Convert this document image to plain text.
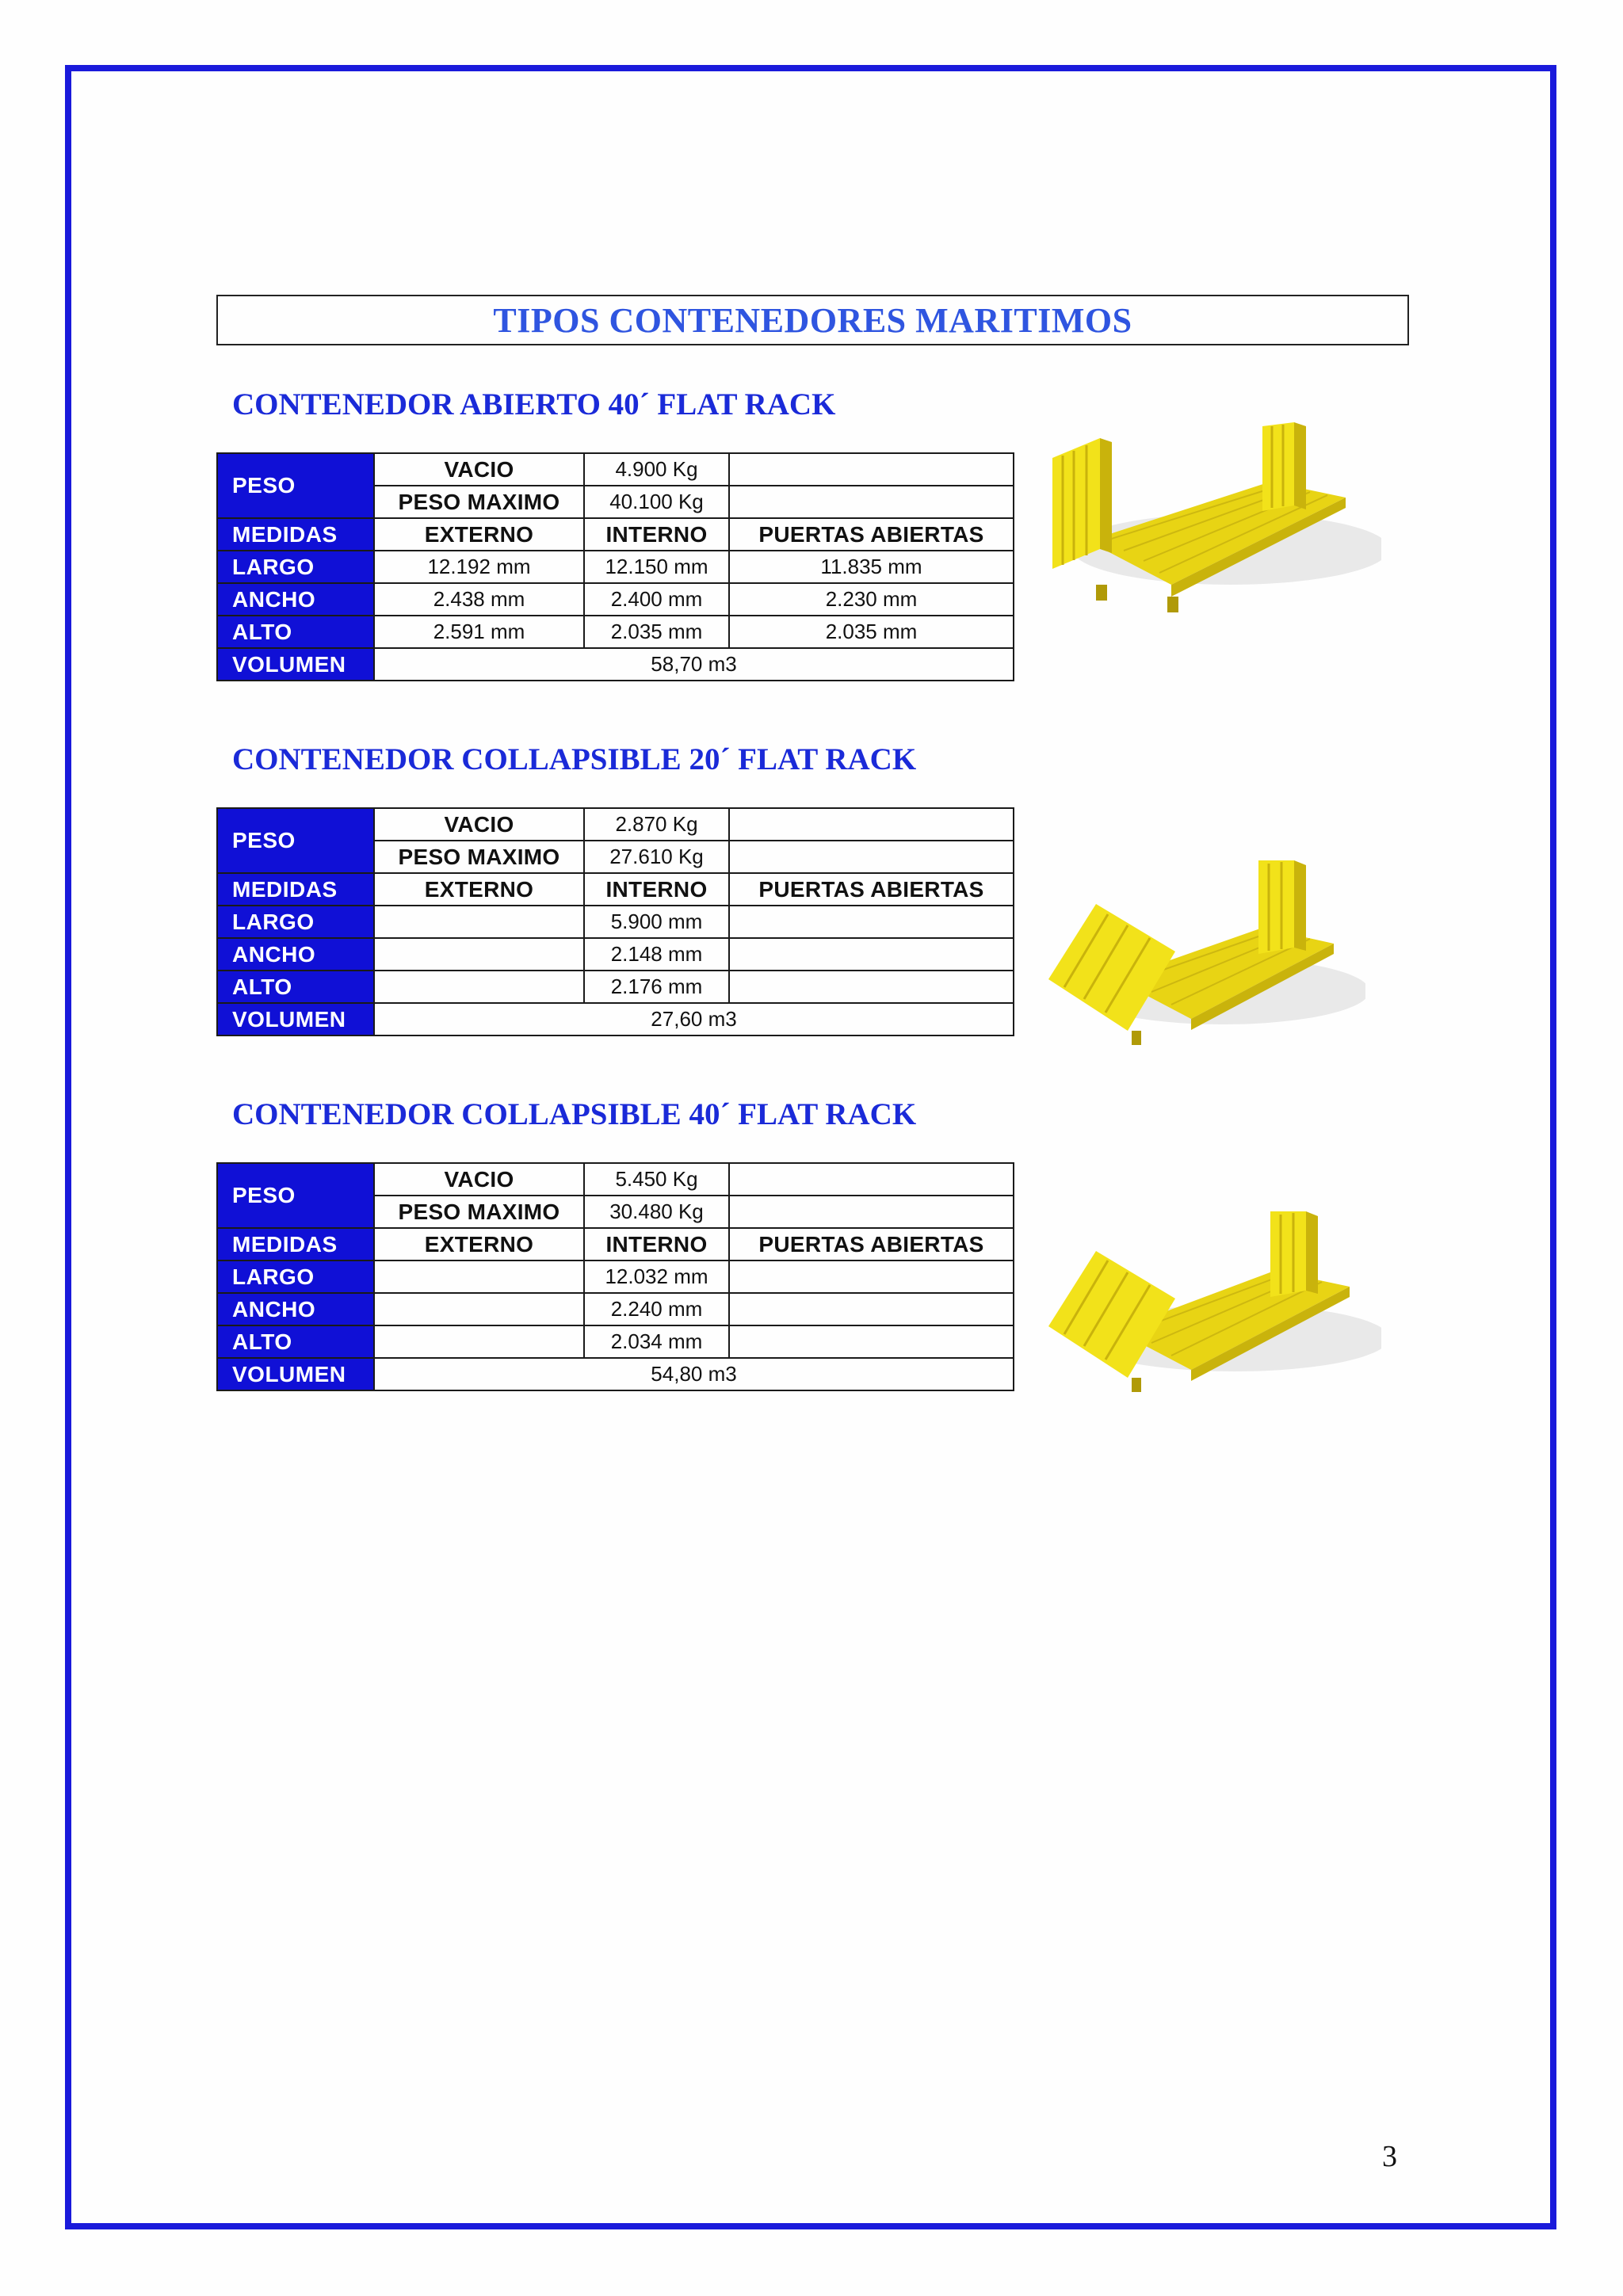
TIPOS CONTENEDORES MARITIMOS
CONTENEDOR ABIERTO 40´ FLAT RACK
PESO	VACIO	4.900 Kg	
	PESO MAXIMO	40.100 Kg	
MEDIDAS	EXTERNO	INTERNO	PUERTAS ABIERTAS
LARGO	12.192 mm	12.150 mm	11.835 mm
ANCHO	2.438 mm	2.400 mm	2.230 mm
ALTO	2.591 mm	2.035 mm	2.035 mm
VOLUMEN	58,70 m3		
CONTENEDOR COLLAPSIBLE 20´ FLAT RACK
PESO	VACIO	2.870 Kg	
	PESO MAXIMO	27.610 Kg	
MEDIDAS	EXTERNO	INTERNO	PUERTAS ABIERTAS
LARGO		5.900 mm	
ANCHO		2.148 mm	
ALTO		2.176 mm	
VOLUMEN	27,60 m3		
CONTENEDOR COLLAPSIBLE 40´ FLAT RACK
PESO	VACIO	5.450 Kg	
	PESO MAXIMO	30.480 Kg	
MEDIDAS	EXTERNO	INTERNO	PUERTAS ABIERTAS
LARGO		12.032 mm	
ANCHO		2.240 mm	
ALTO		2.034 mm	
VOLUMEN	54,80 m3		
3
